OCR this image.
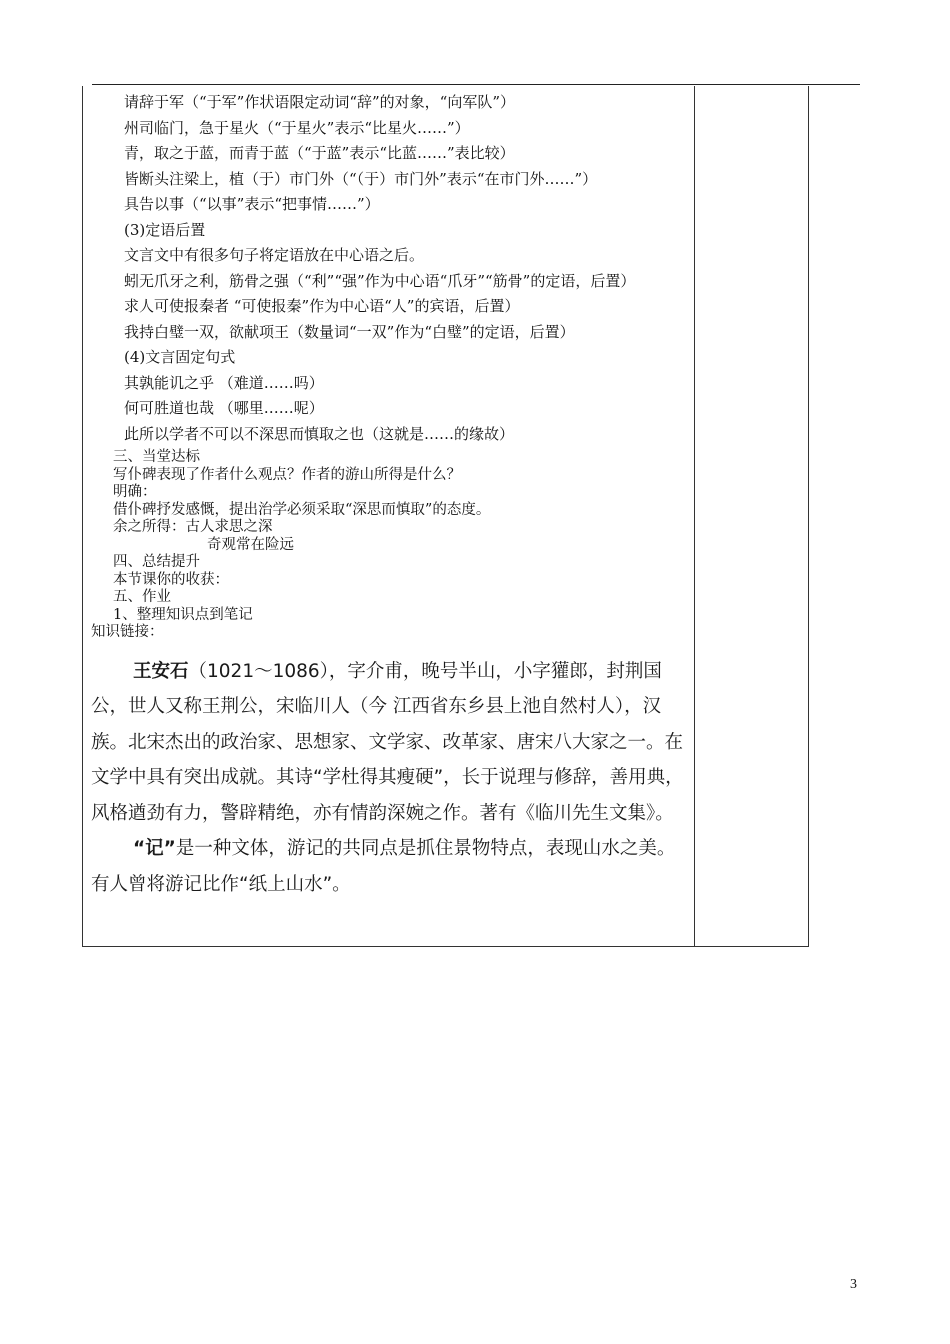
请辞于军（“于军”作状语限定动词“辞”的对象，“向军队”）
州司临门，急于星火（“于星火”表示“比星火……”）
青，取之于蓝，而青于蓝（“于蓝”表示“比蓝……”表比较）
皆断头注梁上，植（于）市门外（“（于）市门外”表示“在市门外……”）
具告以事（“以事”表示“把事情……”）
(3)定语后置
文言文中有很多句子将定语放在中心语之后。
蚓无爪牙之利，筋骨之强（“利”“强”作为中心语“爪牙”“筋骨”的定语，后置）
求人可使报秦者 “可使报秦”作为中心语“人”的宾语，后置）
我持白璧一双，欲献项王（数量词“一双”作为“白璧”的定语，后置）
(4)文言固定句式
其孰能讥之乎 （难道……吗）
何可胜道也哉 （哪里……呢）
此所以学者不可以不深思而慎取之也（这就是……的缘故）
三、当堂达标
写仆碑表现了作者什么观点？作者的游山所得是什么？
明确：
借仆碑抒发感慨，提出治学必须采取“深思而慎取”的态度。
余之所得：古人求思之深
奇观常在险远
四、总结提升
本节课你的收获：
五、作业
1、整理知识点到笔记
知识链接：

王安石（1021～1086），字介甫，晚号半山，小字獾郎，封荆国公，世人又称王荆公，宋临川人（今 江西省东乡县上池自然村人），汉族。北宋杰出的政治家、思想家、文学家、改革家、唐宋八大家之一。在文学中具有突出成就。其诗“学杜得其瘦硬”，长于说理与修辞，善用典，风格遒劲有力，警辟精绝，亦有情韵深婉之作。著有《临川先生文集》。

“记”是一种文体，游记的共同点是抓住景物特点，表现山水之美。有人曾将游记比作“纸上山水”。

3
